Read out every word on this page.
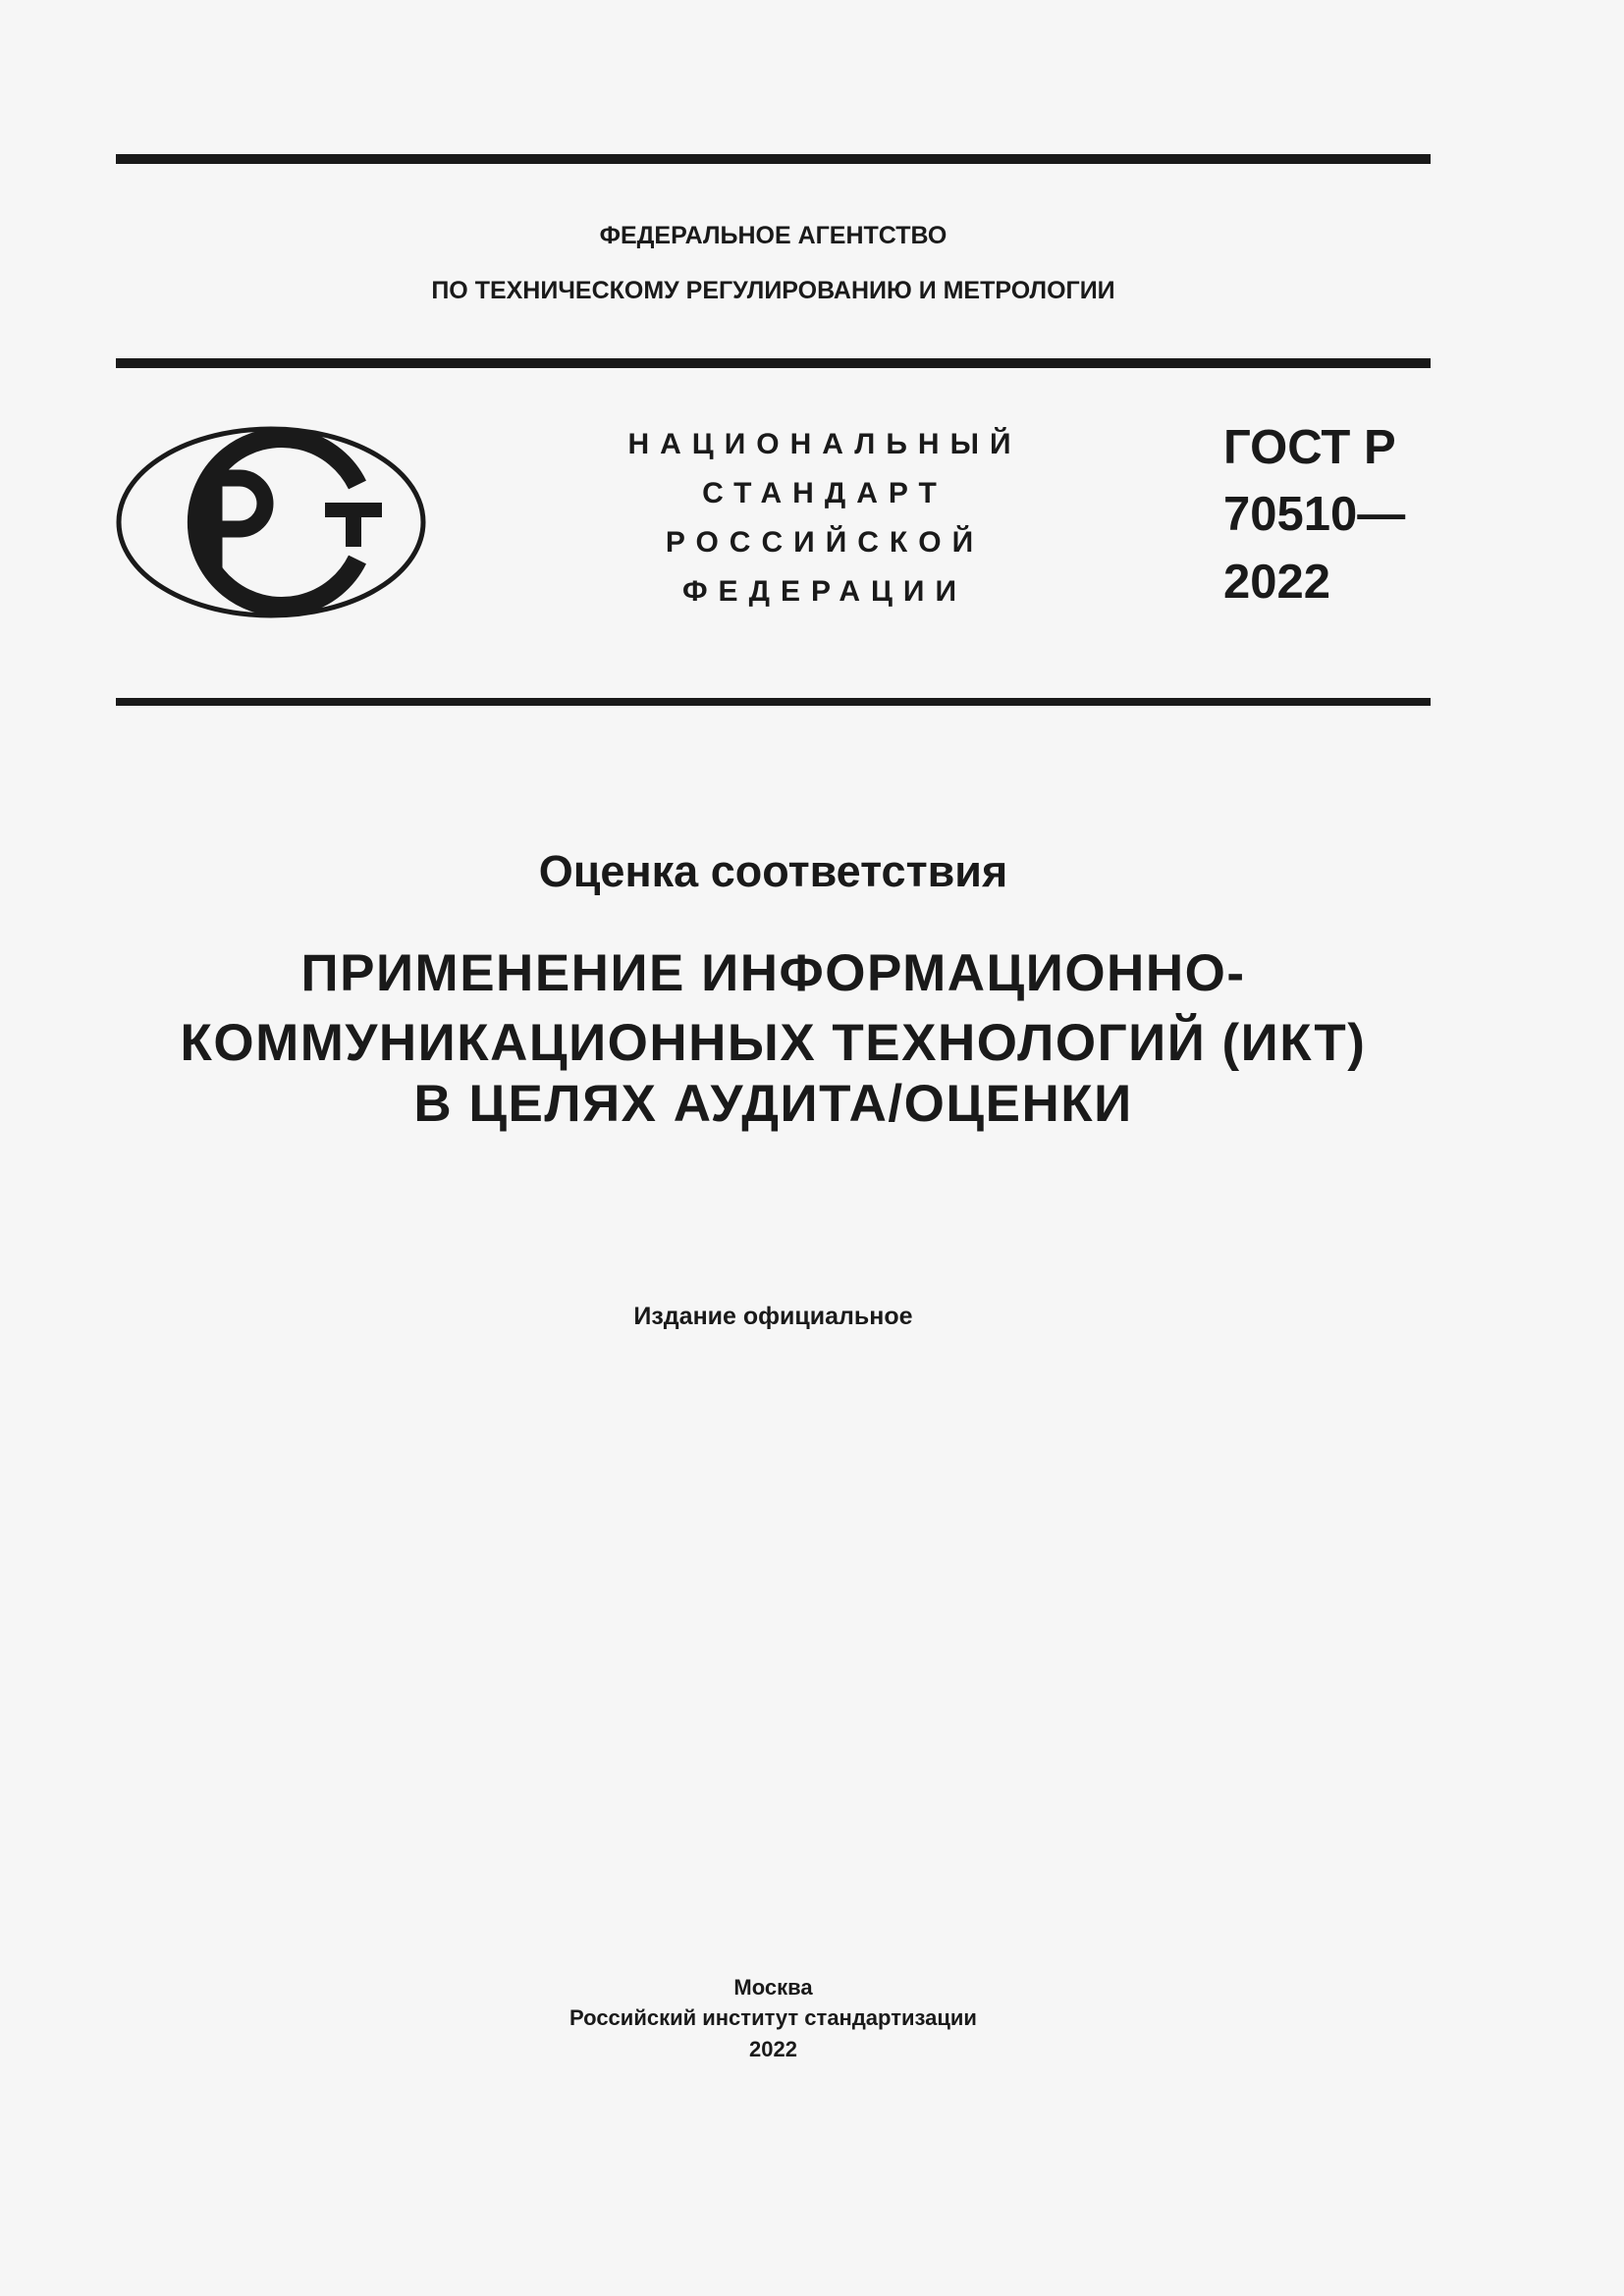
ФЕДЕРАЛЬНОЕ АГЕНТСТВО
ПО ТЕХНИЧЕСКОМУ РЕГУЛИРОВАНИЮ И МЕТРОЛОГИИ
НАЦИОНАЛЬНЫЙ
СТАНДАРТ
РОССИЙСКОЙ
ФЕДЕРАЦИИ
ГОСТ Р
70510—
2022
Оценка соответствия
ПРИМЕНЕНИЕ ИНФОРМАЦИОННО-
КОММУНИКАЦИОННЫХ ТЕХНОЛОГИЙ (ИКТ)
В ЦЕЛЯХ АУДИТА/ОЦЕНКИ
Издание официальное
Москва
Российский институт стандартизации
2022
